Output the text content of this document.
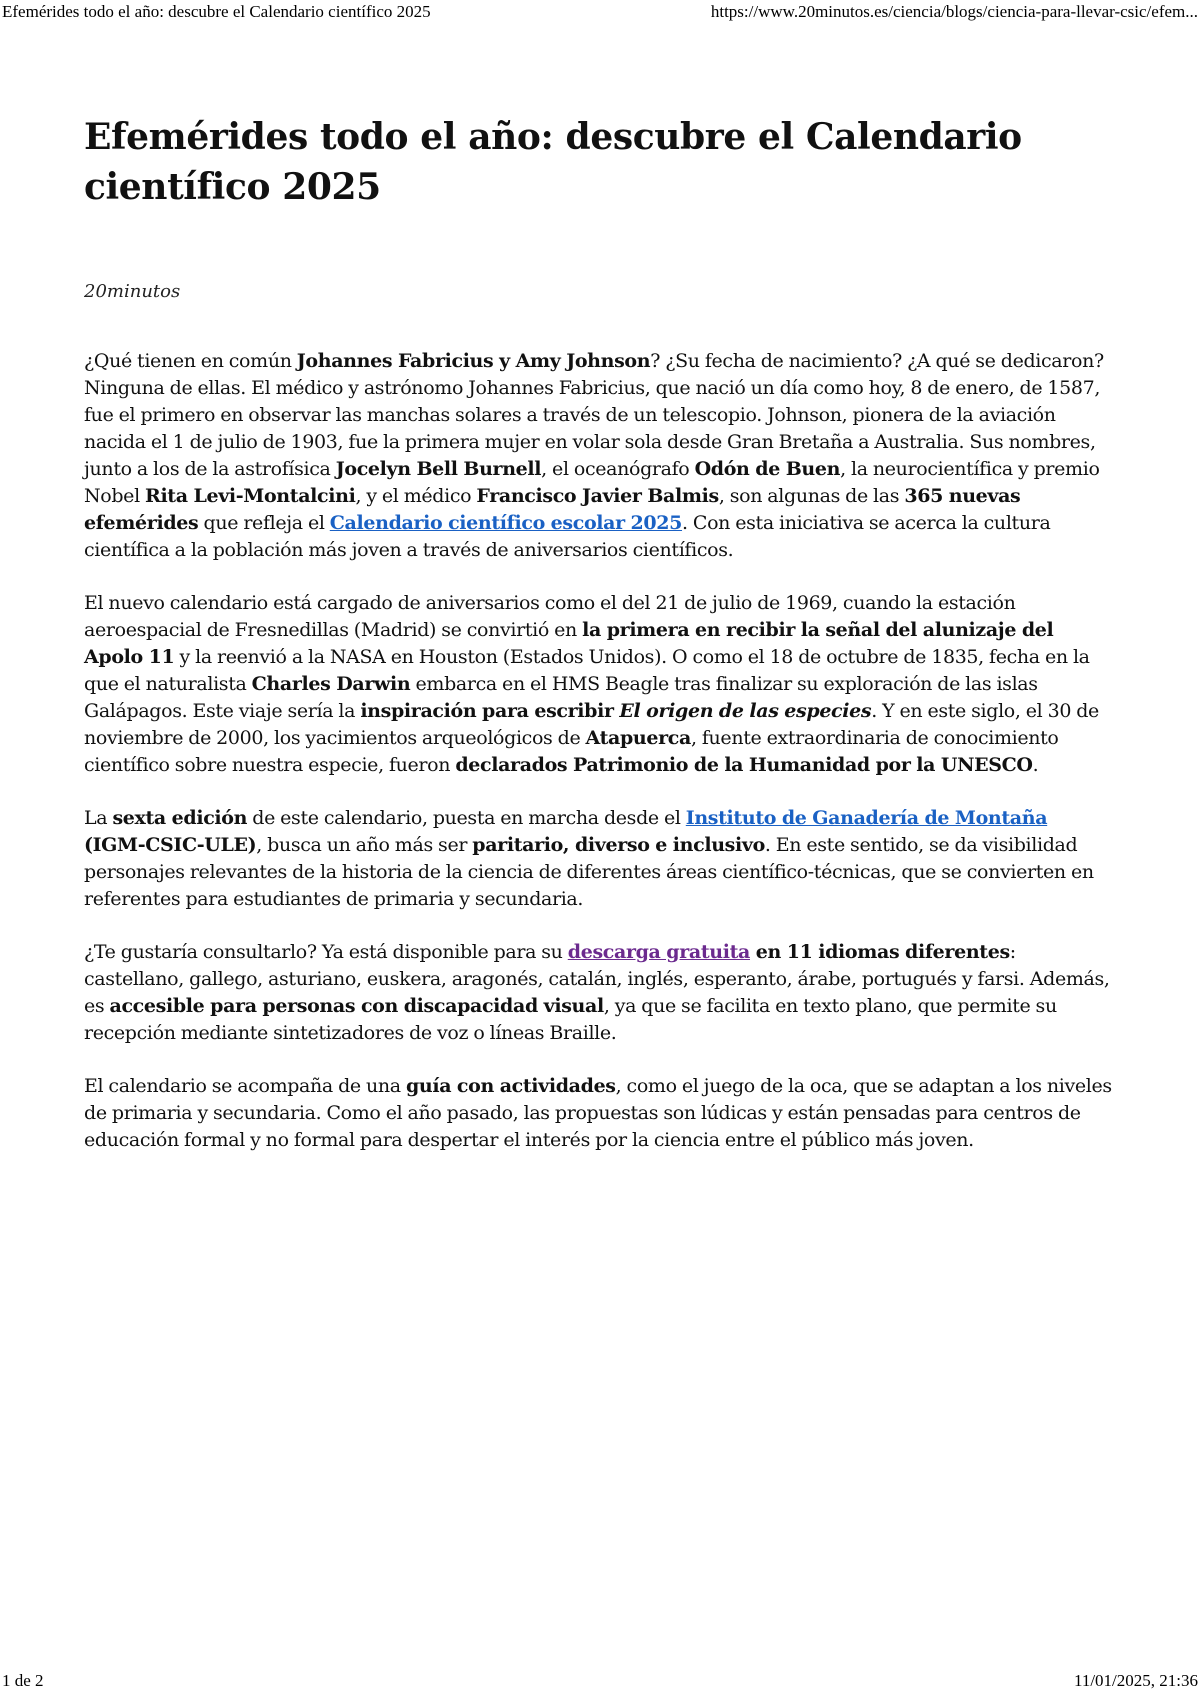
Efemérides todo el año: descubre el Calendario científico 2025	https://www.20minutos.es/ciencia/blogs/ciencia-para-llevar-csic/efem...
Efemérides todo el año: descubre el Calendario científico 2025
20minutos

¿Qué tienen en común Johannes Fabricius y Amy Johnson? ¿Su fecha de nacimiento? ¿A qué se dedicaron? Ninguna de ellas. El médico y astrónomo Johannes Fabricius, que nació un día como hoy, 8 de enero, de 1587, fue el primero en observar las manchas solares a través de un telescopio. Johnson, pionera de la aviación nacida el 1 de julio de 1903, fue la primera mujer en volar sola desde Gran Bretaña a Australia. Sus nombres, junto a los de la astrofísica Jocelyn Bell Burnell, el oceanógrafo Odón de Buen, la neurocientífica y premio Nobel Rita Levi-Montalcini, y el médico Francisco Javier Balmis, son algunas de las 365 nuevas efemérides que refleja el Calendario científico escolar 2025. Con esta iniciativa se acerca la cultura científica a la población más joven a través de aniversarios científicos.

El nuevo calendario está cargado de aniversarios como el del 21 de julio de 1969, cuando la estación aeroespacial de Fresnedillas (Madrid) se convirtió en la primera en recibir la señal del alunizaje del Apolo 11 y la reenvió a la NASA en Houston (Estados Unidos). O como el 18 de octubre de 1835, fecha en la que el naturalista Charles Darwin embarca en el HMS Beagle tras finalizar su exploración de las islas Galápagos. Este viaje sería la inspiración para escribir El origen de las especies. Y en este siglo, el 30 de noviembre de 2000, los yacimientos arqueológicos de Atapuerca, fuente extraordinaria de conocimiento científico sobre nuestra especie, fueron declarados Patrimonio de la Humanidad por la UNESCO.

La sexta edición de este calendario, puesta en marcha desde el Instituto de Ganadería de Montaña (IGM-CSIC-ULE), busca un año más ser paritario, diverso e inclusivo. En este sentido, se da visibilidad personajes relevantes de la historia de la ciencia de diferentes áreas científico-técnicas, que se convierten en referentes para estudiantes de primaria y secundaria.

¿Te gustaría consultarlo? Ya está disponible para su descarga gratuita en 11 idiomas diferentes: castellano, gallego, asturiano, euskera, aragonés, catalán, inglés, esperanto, árabe, portugués y farsi. Además, es accesible para personas con discapacidad visual, ya que se facilita en texto plano, que permite su recepción mediante sintetizadores de voz o líneas Braille.

El calendario se acompaña de una guía con actividades, como el juego de la oca, que se adaptan a los niveles de primaria y secundaria. Como el año pasado, las propuestas son lúdicas y están pensadas para centros de educación formal y no formal para despertar el interés por la ciencia entre el público más joven.

1 de 2	11/01/2025, 21:36
